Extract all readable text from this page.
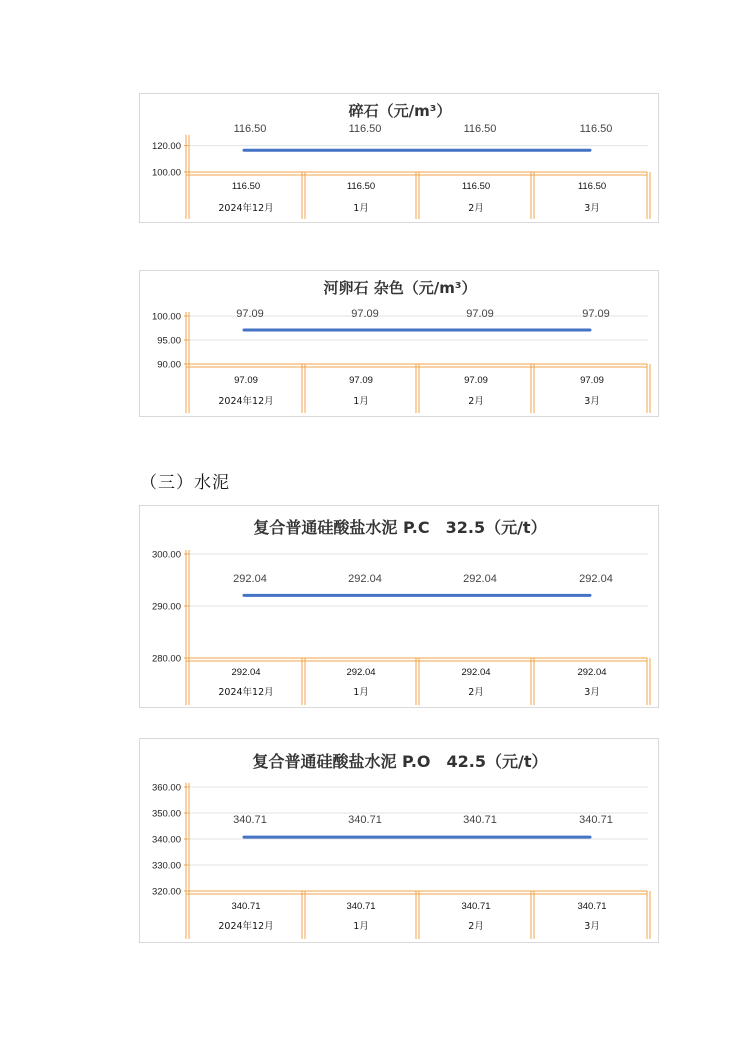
碎石（元/m³）
100.00
120.00
116.50	116.50	116.50	116.50
116.50	116.50	116.50	116.50
2024年12月	1月	2月	3月
河卵石 杂色（元/m³）
90.00
95.00
100.00	97.09	97.09	97.09	97.09
97.09	97.09	97.09	97.09
2024年12月	1月	2月	3月
（三）水泥
复合普通硅酸盐水泥 P.C　32.5（元/t）
280.00
290.00
300.00
292.04	292.04	292.04	292.04
292.04	292.04	292.04	292.04
2024年12月	1月	2月	3月
复合普通硅酸盐水泥 P.O　42.5（元/t）
320.00
330.00
340.00
350.00
360.00
340.71	340.71	340.71	340.71
340.71	340.71	340.71	340.71
2024年12月	1月	2月	3月
